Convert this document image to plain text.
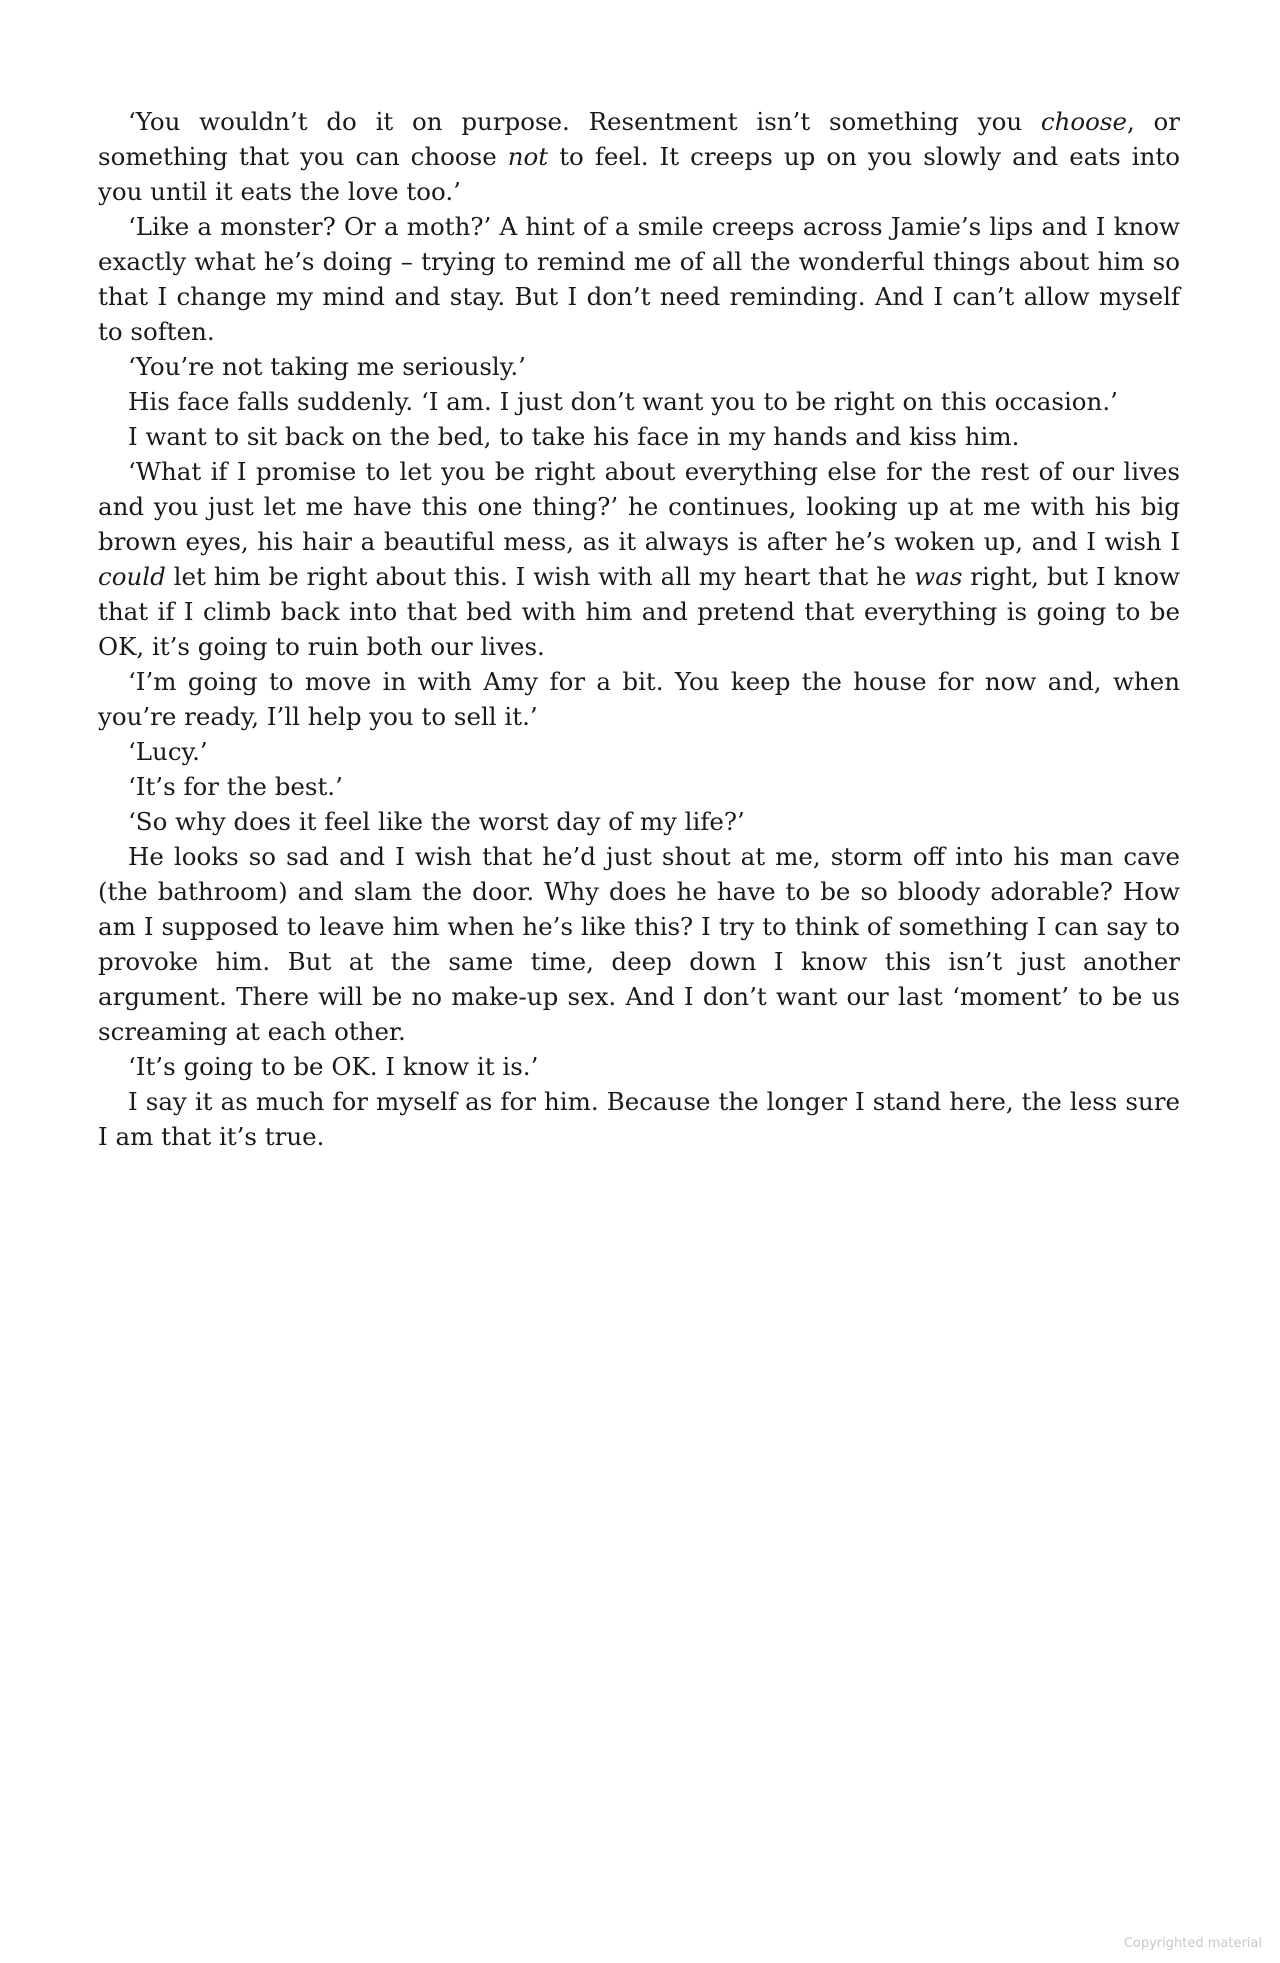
‘You wouldn’t do it on purpose. Resentment isn’t something you choose, or something that you can choose not to feel. It creeps up on you slowly and eats into you until it eats the love too.’

‘Like a monster? Or a moth?’ A hint of a smile creeps across Jamie’s lips and I know exactly what he’s doing – trying to remind me of all the wonderful things about him so that I change my mind and stay. But I don’t need reminding. And I can’t allow myself to soften.

‘You’re not taking me seriously.’

His face falls suddenly. ‘I am. I just don’t want you to be right on this occasion.’

I want to sit back on the bed, to take his face in my hands and kiss him.

‘What if I promise to let you be right about everything else for the rest of our lives and you just let me have this one thing?’ he continues, looking up at me with his big brown eyes, his hair a beautiful mess, as it always is after he’s woken up, and I wish I could let him be right about this. I wish with all my heart that he was right, but I know that if I climb back into that bed with him and pretend that everything is going to be OK, it’s going to ruin both our lives.

‘I’m going to move in with Amy for a bit. You keep the house for now and, when you’re ready, I’ll help you to sell it.’

‘Lucy.’

‘It’s for the best.’

‘So why does it feel like the worst day of my life?’

He looks so sad and I wish that he’d just shout at me, storm off into his man cave (the bathroom) and slam the door. Why does he have to be so bloody adorable? How am I supposed to leave him when he’s like this? I try to think of something I can say to provoke him. But at the same time, deep down I know this isn’t just another argument. There will be no make-up sex. And I don’t want our last ‘moment’ to be us screaming at each other.

‘It’s going to be OK. I know it is.’

I say it as much for myself as for him. Because the longer I stand here, the less sure I am that it’s true.

Copyrighted material
